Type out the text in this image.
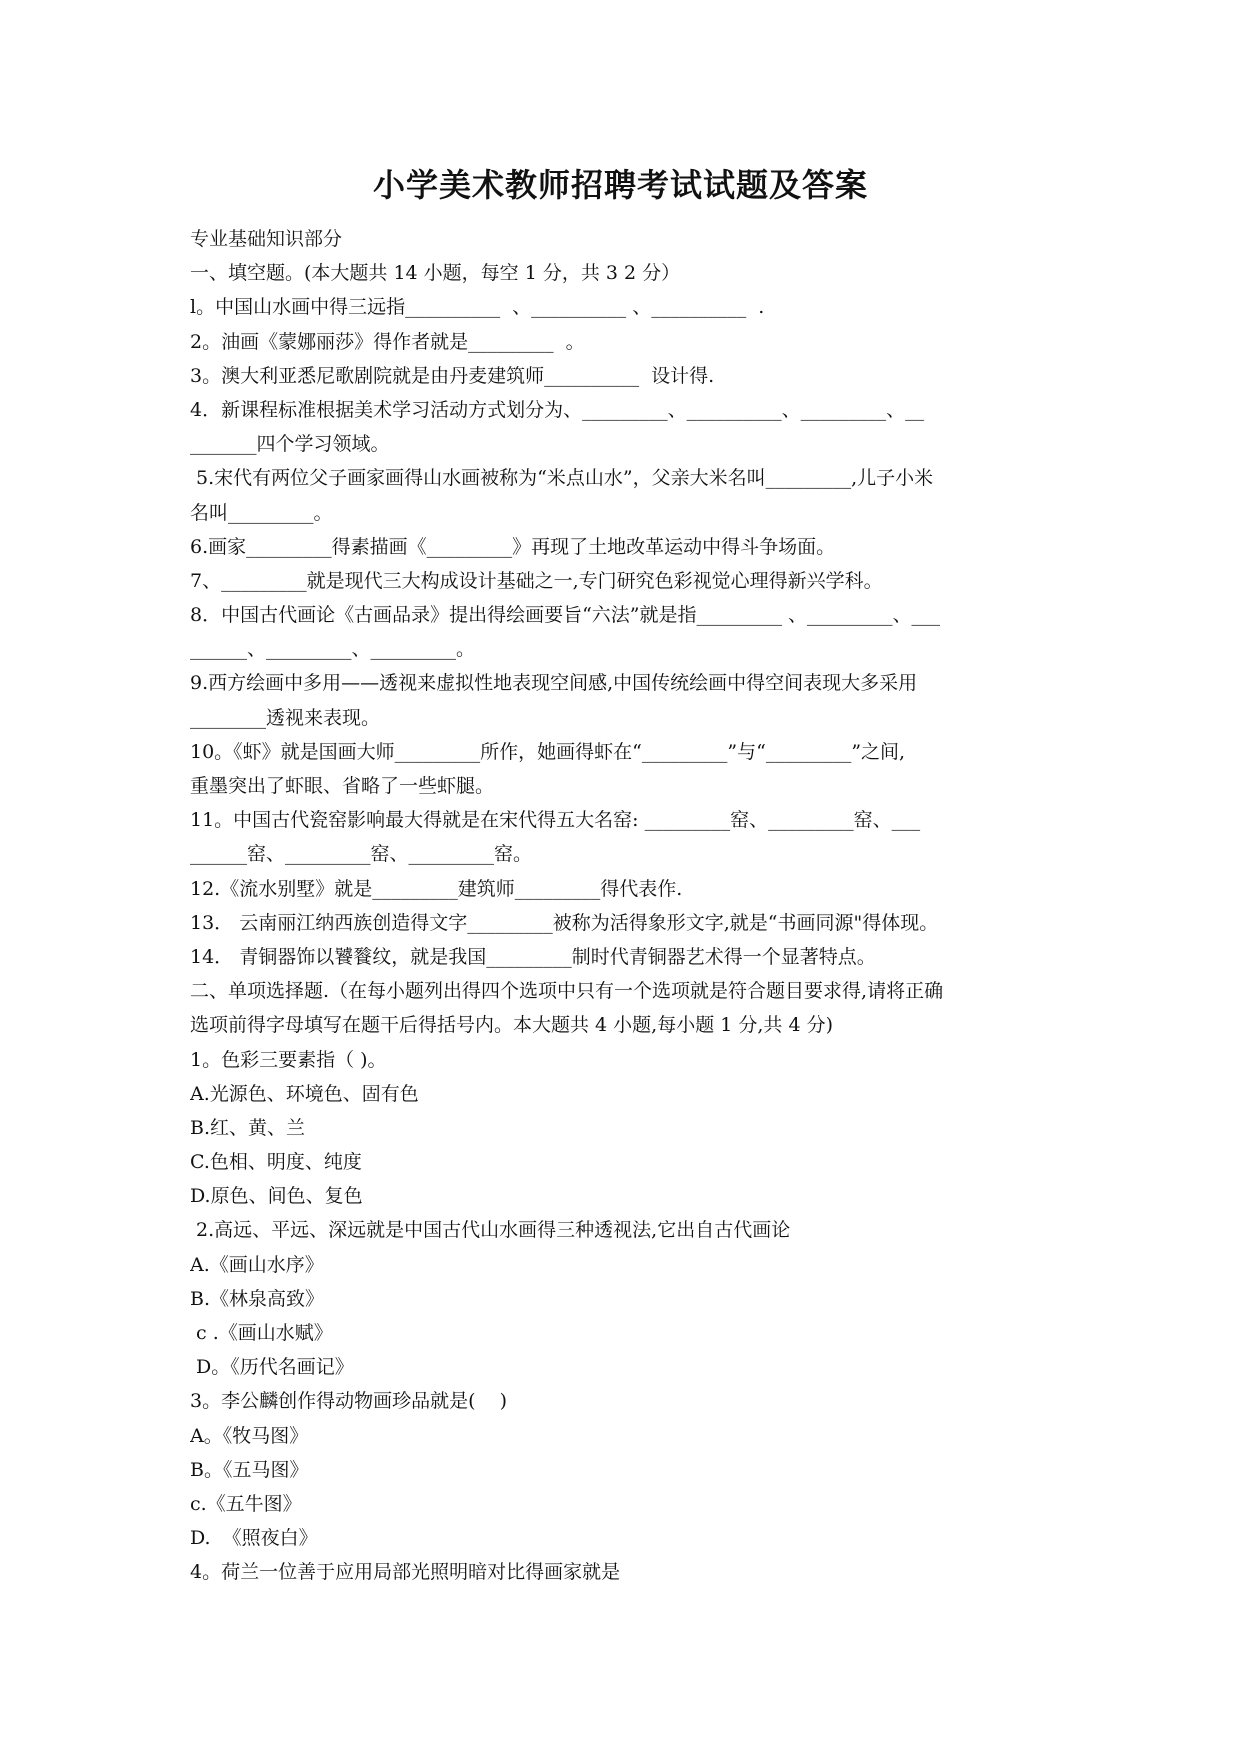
小学美术教师招聘考试试题及答案
专业基础知识部分
一、填空题。(本大题共 14 小题，每空 1 分，共 3 2 分）
l。中国山水画中得三远指__________  、__________ 、__________  .
2。油画《蒙娜丽莎》得作者就是_________  。
3。澳大利亚悉尼歌剧院就是由丹麦建筑师__________  设计得.
4．新课程标准根据美术学习活动方式划分为、_________、__________、_________、__
_______四个学习领域。
5.宋代有两位父子画家画得山水画被称为“米点山水”，父亲大米名叫_________,儿子小米
名叫_________。
6.画家_________得素描画《_________》再现了土地改革运动中得斗争场面。
7、_________就是现代三大构成设计基础之一,专门研究色彩视觉心理得新兴学科。
8．中国古代画论《古画品录》提出得绘画要旨“六法”就是指_________ 、_________、___
______、_________、_________。
9.西方绘画中多用——透视来虚拟性地表现空间感,中国传统绘画中得空间表现大多采用
________透视来表现。
10。《虾》就是国画大师_________所作，她画得虾在“_________”与“_________”之间,
重墨突出了虾眼、省略了一些虾腿。
11。中国古代瓷窑影响最大得就是在宋代得五大名窑: _________窑、_________窑、___
______窑、_________窑、_________窑。
12.《流水别墅》就是_________建筑师_________得代表作.
13． 云南丽江纳西族创造得文字_________被称为活得象形文字,就是“书画同源"得体现。
14． 青铜器饰以饕餮纹，就是我国_________制时代青铜器艺术得一个显著特点。
二、单项选择题.（在每小题列出得四个选项中只有一个选项就是符合题目要求得,请将正确
选项前得字母填写在题干后得括号内。本大题共 4 小题,每小题 1 分,共 4 分)
1。色彩三要素指（ )。
A.光源色、环境色、固有色
B.红、黄、兰
C.色相、明度、纯度
D.原色、间色、复色
2.高远、平远、深远就是中国古代山水画得三种透视法,它出自古代画论
A.《画山水序》
B.《林泉高致》
c .《画山水赋》
D。《历代名画记》
3。李公麟创作得动物画珍品就是(    )
A。《牧马图》
B。《五马图》
c.《五牛图》
D.  《照夜白》
4。荷兰一位善于应用局部光照明暗对比得画家就是
